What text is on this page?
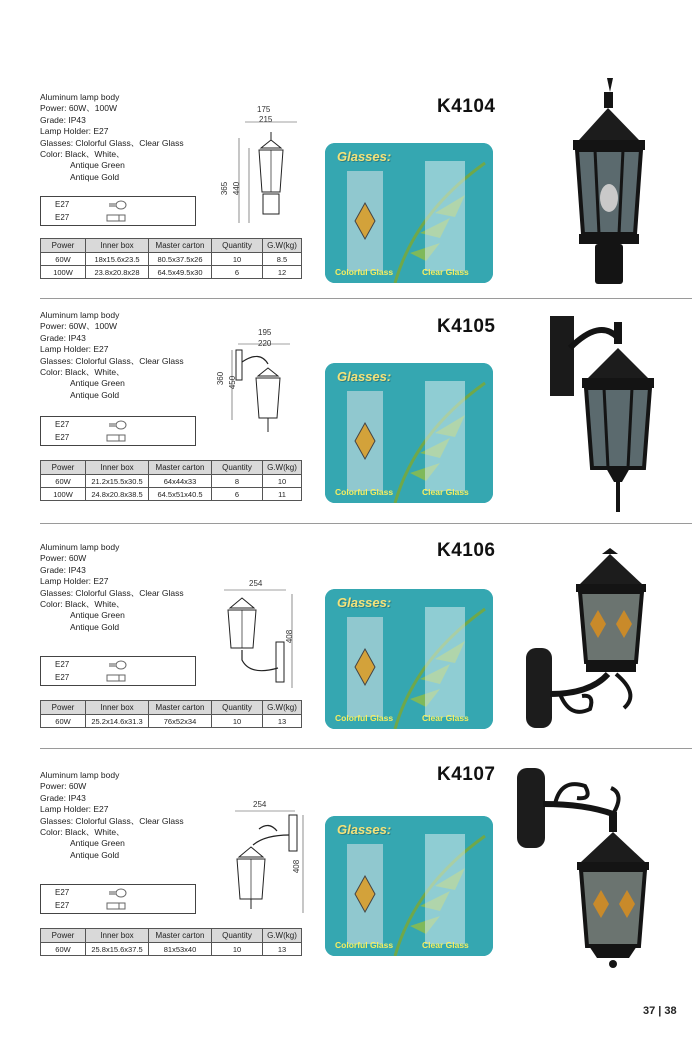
Aluminum lamp body
Power: 60W、100W
Grade: IP43
Lamp Holder: E27
Glasses: Clolorful Glass、Clear Glass
Color: Black、White、
Antique Green
Antique Gold
E27
E27
Power	Inner box	Master carton	Quantity	G.W(kg)
60W	18x15.6x23.5	80.5x37.5x26	10	8.5
100W	23.8x20.8x28	64.5x49.5x30	6	12
175
215
365 440
K4104
Glasses:
Colorful Glass	Clear Glass
Aluminum lamp body
Power: 60W、100W
Grade: IP43
Lamp Holder: E27
Glasses: Clolorful Glass、Clear Glass
Color: Black、White、
Antique Green
Antique Gold
E27
E27
Power	Inner box	Master carton	Quantity	G.W(kg)
60W	21.2x15.5x30.5	64x44x33	8	10
100W	24.8x20.8x38.5	64.5x51x40.5	6	11
195
220
360 450
K4105
Glasses:
Colorful Glass	Clear Glass
Aluminum lamp body
Power: 60W
Grade: IP43
Lamp Holder: E27
Glasses: Clolorful Glass、Clear Glass
Color: Black、White、
Antique Green
Antique Gold
E27
E27
Power	Inner box	Master carton	Quantity	G.W(kg)
60W	25.2x14.6x31.3	76x52x34	10	13
254
408
K4106
Glasses:
Colorful Glass	Clear Glass
Aluminum lamp body
Power: 60W
Grade: IP43
Lamp Holder: E27
Glasses: Clolorful Glass、Clear Glass
Color: Black、White、
Antique Green
Antique Gold
E27
E27
Power	Inner box	Master carton	Quantity	G.W(kg)
60W	25.8x15.6x37.5	81x53x40	10	13
254
408
K4107
Glasses:
Colorful Glass	Clear Glass
37 | 38
